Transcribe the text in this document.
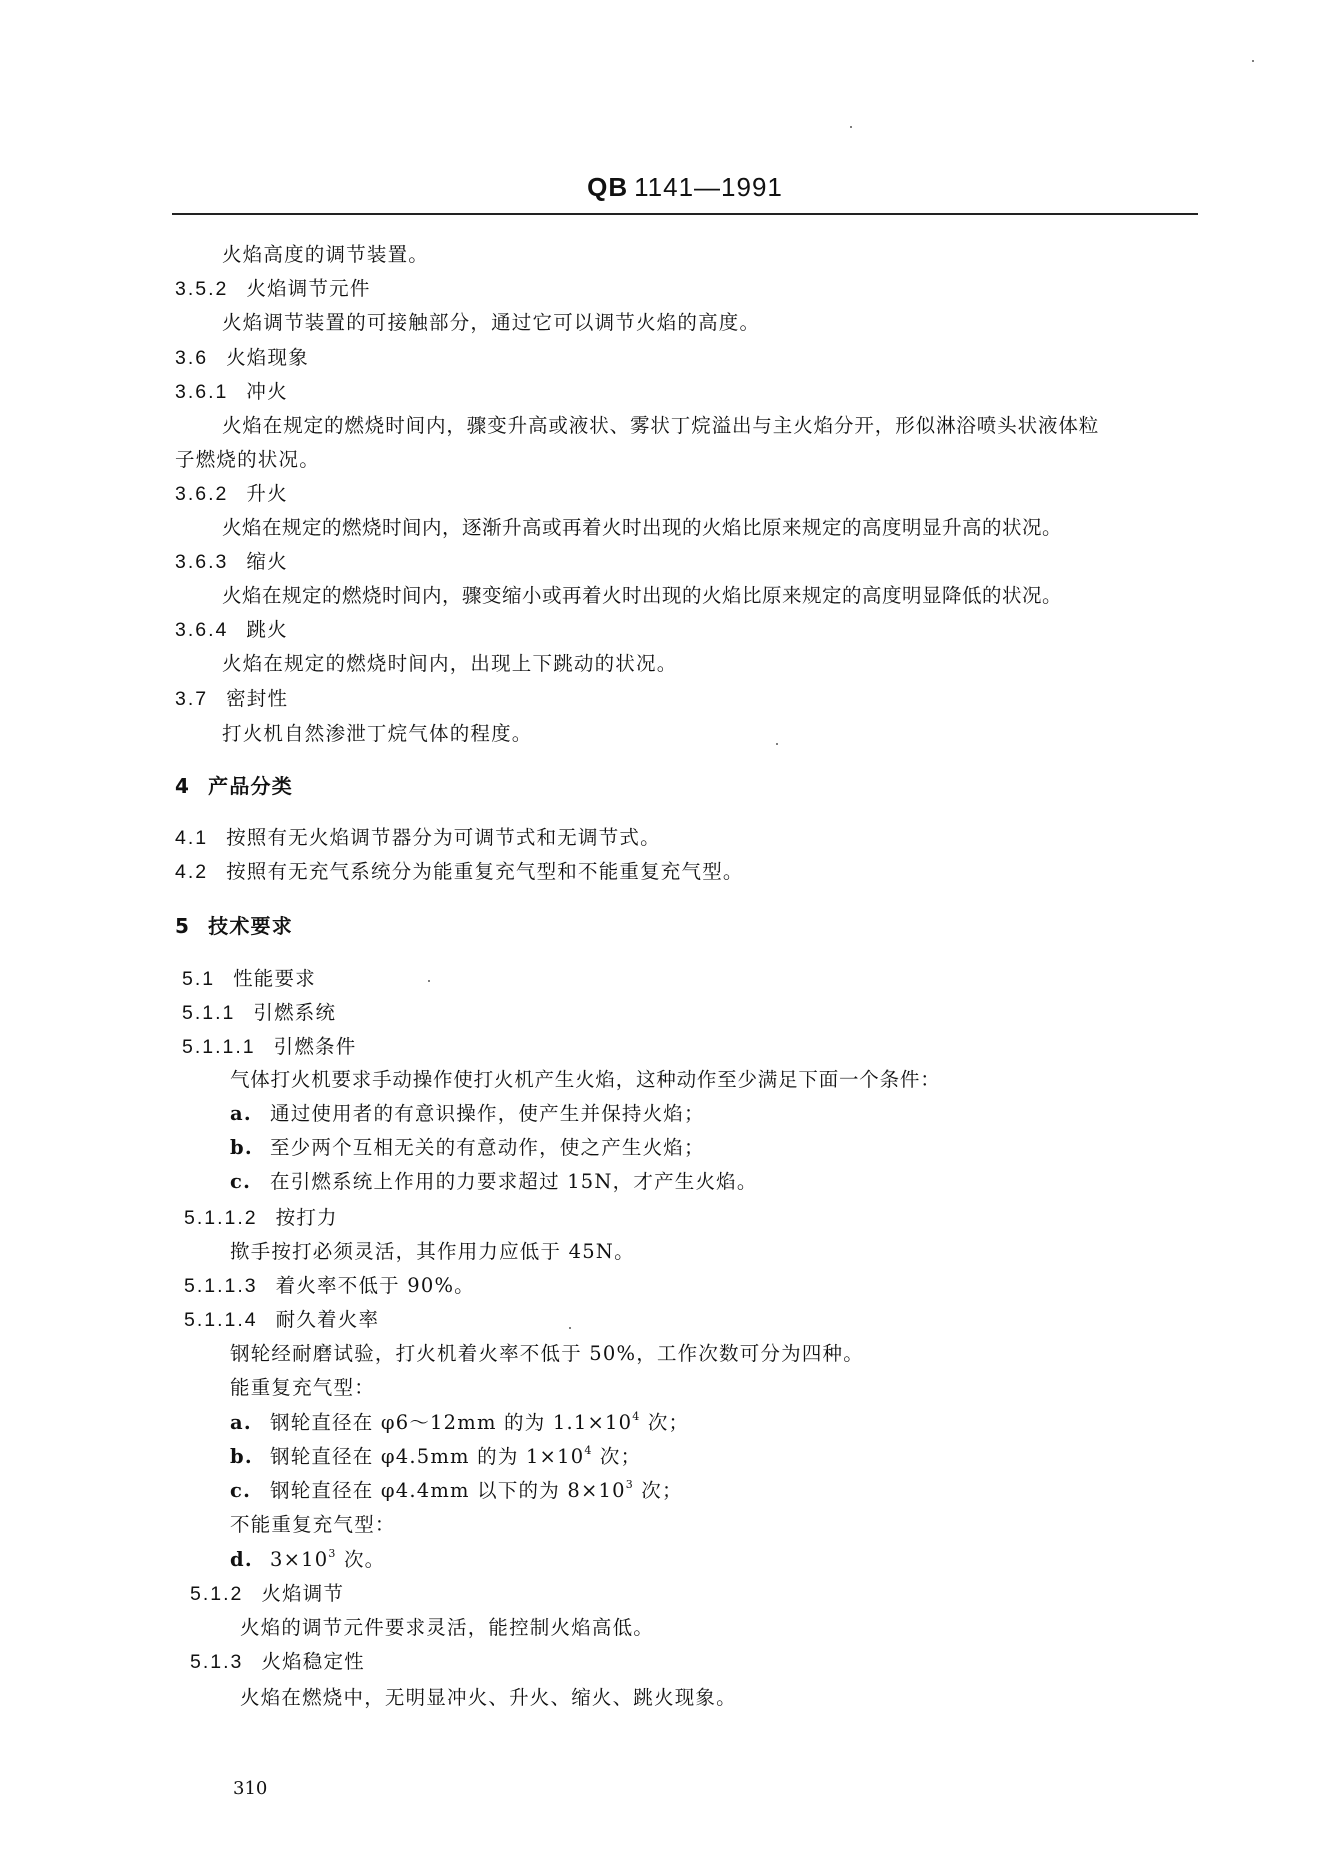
QB 1141—1991
火焰高度的调节装置。
3.5.2 火焰调节元件
火焰调节装置的可接触部分，通过它可以调节火焰的高度。
3.6 火焰现象
3.6.1 冲火
火焰在规定的燃烧时间内，骤变升高或液状、雾状丁烷溢出与主火焰分开，形似淋浴喷头状液体粒
子燃烧的状况。
3.6.2 升火
火焰在规定的燃烧时间内，逐渐升高或再着火时出现的火焰比原来规定的高度明显升高的状况。
3.6.3 缩火
火焰在规定的燃烧时间内，骤变缩小或再着火时出现的火焰比原来规定的高度明显降低的状况。
3.6.4 跳火
火焰在规定的燃烧时间内，出现上下跳动的状况。
3.7 密封性
打火机自然渗泄丁烷气体的程度。
4 产品分类
4.1 按照有无火焰调节器分为可调节式和无调节式。
4.2 按照有无充气系统分为能重复充气型和不能重复充气型。
5 技术要求
5.1 性能要求
5.1.1 引燃系统
5.1.1.1 引燃条件
气体打火机要求手动操作使打火机产生火焰，这种动作至少满足下面一个条件：
a. 通过使用者的有意识操作，使产生并保持火焰；
b. 至少两个互相无关的有意动作，使之产生火焰；
c. 在引燃系统上作用的力要求超过 15N，才产生火焰。
5.1.1.2 按打力
揿手按打必须灵活，其作用力应低于 45N。
5.1.1.3 着火率不低于 90%。
5.1.1.4 耐久着火率
钢轮经耐磨试验，打火机着火率不低于 50%，工作次数可分为四种。
能重复充气型：
a. 钢轮直径在 φ6～12mm 的为 $1.1\times 10^4$ 次；
b. 钢轮直径在 φ4.5mm 的为 $1\times 10^4$ 次；
c. 钢轮直径在 φ4.4mm 以下的为 $8\times 10^3$ 次；
不能重复充气型：
d. $3\times 10^3$ 次。
5.1.2 火焰调节
火焰的调节元件要求灵活，能控制火焰高低。
5.1.3 火焰稳定性
火焰在燃烧中，无明显冲火、升火、缩火、跳火现象。
310
